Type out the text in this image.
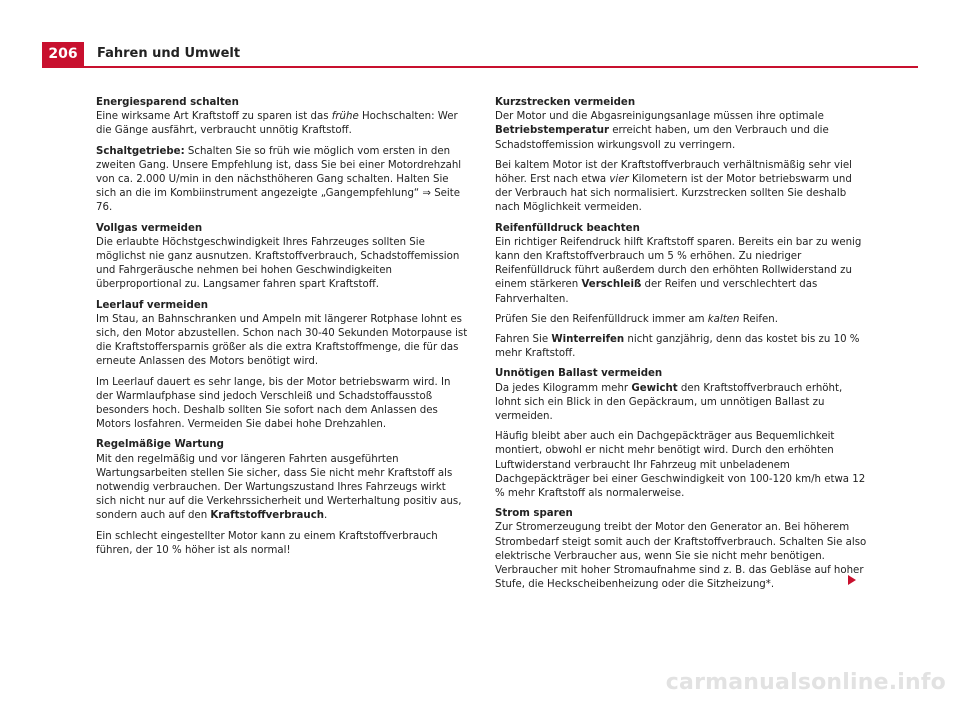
206	Fahren und Umwelt

Energiesparend schalten

Eine wirksame Art Kraftstoff zu sparen ist das frühe Hochschalten: Wer die Gänge ausfährt, verbraucht unnötig Kraftstoff.

Schaltgetriebe: Schalten Sie so früh wie möglich vom ersten in den zweiten Gang. Unsere Empfehlung ist, dass Sie bei einer Motordrehzahl von ca. 2.000 U/min in den nächsthöheren Gang schalten. Halten Sie sich an die im Kombiinstrument angezeigte „Gangempfehlung“ ⇒ Seite 76.

Vollgas vermeiden

Die erlaubte Höchstgeschwindigkeit Ihres Fahrzeuges sollten Sie möglichst nie ganz ausnutzen. Kraftstoffverbrauch, Schadstoffemission und Fahrgeräusche nehmen bei hohen Geschwindigkeiten überproportional zu. Langsamer fahren spart Kraftstoff.

Leerlauf vermeiden

Im Stau, an Bahnschranken und Ampeln mit längerer Rotphase lohnt es sich, den Motor abzustellen. Schon nach 30-40 Sekunden Motorpause ist die Kraftstoffersparnis größer als die extra Kraftstoffmenge, die für das erneute Anlassen des Motors benötigt wird.

Im Leerlauf dauert es sehr lange, bis der Motor betriebswarm wird. In der Warmlaufphase sind jedoch Verschleiß und Schadstoffausstoß besonders hoch. Deshalb sollten Sie sofort nach dem Anlassen des Motors losfahren. Vermeiden Sie dabei hohe Drehzahlen.

Regelmäßige Wartung

Mit den regelmäßig und vor längeren Fahrten ausgeführten Wartungsarbeiten stellen Sie sicher, dass Sie nicht mehr Kraftstoff als notwendig verbrauchen. Der Wartungszustand Ihres Fahrzeugs wirkt sich nicht nur auf die Verkehrssicherheit und Werterhaltung positiv aus, sondern auch auf den Kraftstoffverbrauch.

Ein schlecht eingestellter Motor kann zu einem Kraftstoffverbrauch führen, der 10 % höher ist als normal!

Kurzstrecken vermeiden

Der Motor und die Abgasreinigungsanlage müssen ihre optimale Betriebstemperatur erreicht haben, um den Verbrauch und die Schadstoffemission wirkungsvoll zu verringern.

Bei kaltem Motor ist der Kraftstoffverbrauch verhältnismäßig sehr viel höher. Erst nach etwa vier Kilometern ist der Motor betriebswarm und der Verbrauch hat sich normalisiert. Kurzstrecken sollten Sie deshalb nach Möglichkeit vermeiden.

Reifenfülldruck beachten

Ein richtiger Reifendruck hilft Kraftstoff sparen. Bereits ein bar zu wenig kann den Kraftstoffverbrauch um 5 % erhöhen. Zu niedriger Reifenfülldruck führt außerdem durch den erhöhten Rollwiderstand zu einem stärkeren Verschleiß der Reifen und verschlechtert das Fahrverhalten.

Prüfen Sie den Reifenfülldruck immer am kalten Reifen.

Fahren Sie Winterreifen nicht ganzjährig, denn das kostet bis zu 10 % mehr Kraftstoff.

Unnötigen Ballast vermeiden

Da jedes Kilogramm mehr Gewicht den Kraftstoffverbrauch erhöht, lohnt sich ein Blick in den Gepäckraum, um unnötigen Ballast zu vermeiden.

Häufig bleibt aber auch ein Dachgepäckträger aus Bequemlichkeit montiert, obwohl er nicht mehr benötigt wird. Durch den erhöhten Luftwiderstand verbraucht Ihr Fahrzeug mit unbeladenem Dachgepäckträger bei einer Geschwindigkeit von 100-120 km/h etwa 12 % mehr Kraftstoff als normalerweise.

Strom sparen

Zur Stromerzeugung treibt der Motor den Generator an. Bei höherem Strombedarf steigt somit auch der Kraftstoffverbrauch. Schalten Sie also elektrische Verbraucher aus, wenn Sie sie nicht mehr benötigen. Verbraucher mit hoher Stromaufnahme sind z. B. das Gebläse auf hoher Stufe, die Heckscheibenheizung oder die Sitzheizung*.

carmanualsonline.info
